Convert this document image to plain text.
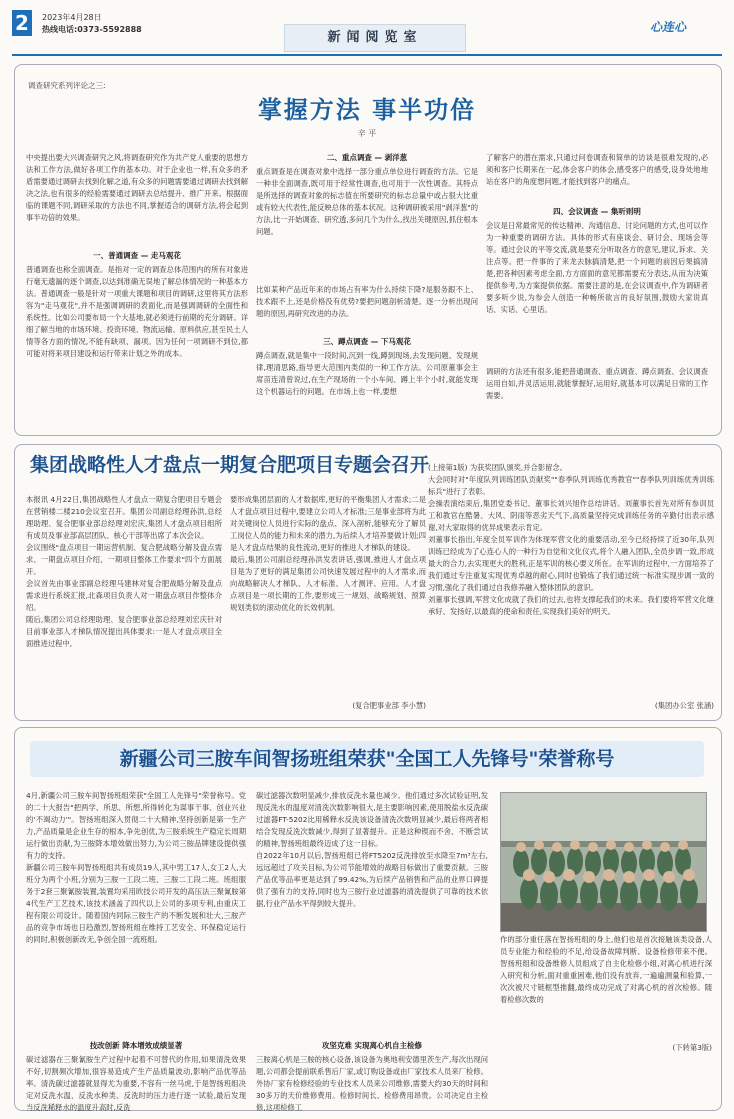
2	2023年4月28日
热线电话:0373-5592888
新闻阅览室
心连心
调查研究系列评论之三:
掌握方法 事半功倍
辛 平
中央提出要大兴调查研究之风,将调查研究作为共产党人重要的思想方法和工作方法,做好各项工作的基本功。对于企业也一样,有众多的矛盾需要通过调研去找到化解之道,有众多的问题需要通过调研去找到解决之法,也有很多的经验需要通过调研去总结提升、推广开来。根据面临的课题不同,调研采取的方法也不同,掌握适合的调研方法,将会起到事半功倍的效果。
一、普通调查 — 走马观花
普通调查也称全面调查。是指对一定的调查总体范围内的所有对象进行毫无遗漏的逐个调查,以达到准确无误地了解总体情况的一种基本方法。普通调查一般是针对一项重大课题和项目的调研,这里将其方法形容为"走马观花",并不是强调调研的表面化,而是强调调研的全面性和系统性。比如公司要布局一个大基地,就必须进行前期的充分调研。详细了解当地的市场环境、投资环境、物流运输、原料供应,甚至民土人情等各方面的情况,不能有缺项、漏项。因为任何一项调研不到位,都可能对将来项目建设和运行带来计划之外的成本。
二、重点调查 — 剥洋葱
重点调查是在调查对象中选择一部分重点单位进行调查的方法。它是一种非全面调查,既可用于经常性调查,也可用于一次性调查。其特点是所选择的调查对象的标志值在所要研究的标志总量中或占很大比重或有较大代表性,能反映总体的基本状况。这种调研被采用"剥洋葱"的方法,比一开始调查、研究透,多问几个为什么,找出关键原因,抓住根本问题。
比如某种产品近年来的市场占有率为什么持续下降?是服务跟不上、技术跟不上,还是价格没有优势?要把问题剖析清楚。逐一分析出现问题的原因,再研究改进的办法。
三、蹲点调查 — 下马观花
蹲点调查,就是集中一段时间,沉到一线,蹲到现场,去发现问题、发现规律,理清思路,指导更大范围内类似的一种工作方法。公司原董事会主席苗连清曾说过,在生产现场的一个小车间、蹲上半个小时,就能发现这个机器运行的问题。在市场上也一样,要想
了解客户的潜在需求,只通过问卷调查和简单的访谈是很难发现的,必须和客户长期来在一起,体会客户的体会,感受客户的感受,设身处地地站在客户的角度想问题,才能找到客户的痛点。
四、会议调查 — 集听则明
会议是日常最常见的传达精神、沟通信息、讨论问题的方式,也可以作为一种重要的调研方法。具体的形式有座谈会、研讨会、现场会等等。通过会议的平等交流,就是要充分听取各方的意见,建议,诉求、关注点等。把一件事的了来龙去脉搞清楚,把一个问题的前因后果搞清楚,把各种因素考虑全面,方方面面的意见都需要充分表达,从而为决策提供参考,为方案提供依据。需要注意的是,在会议调查中,作为调研者要多听少说,为参会人创造一种畅所欲言的良好氛围,鼓励大家说真话、实话、心里话。
调研的方法还有很多,能把普通调查、重点调查、蹲点调查、会议调查运用自如,并灵活运用,就能掌握好,运用好,就基本可以满足日常的工作需要。
集团战略性人才盘点一期复合肥项目专题会召开
本报讯 4月22日,集团战略性人才盘点一期复合肥项目专题会在营销楼二楼210会议室召开。集团公司副总经理孙洪,总经理助理、复合肥事业部总经理刘宏庆,集团人才盘点项目组所有成员及事业部高层团队、核心干部等出席了本次会议。
会议围绕"盘点项目一期运营机制、复合肥战略分解及盘点需求、一期盘点项目介绍、一期项目整体工作要求"四个方面展开。
会议首先由事业部副总经理马建林对复合肥战略分解及盘点需求进行系统汇报,北森项目负责人对一期盘点项目作整体介绍。
随后,集团公司总经理助理、复合肥事业部总经理刘宏庆针对目前事业部人才梯队情况提出具体要求:一是人才盘点项目全面推进过程中,
要形成集团层面的人才数据库,更好的平衡集团人才需求;二是人才盘点项目过程中,要建立公司人才标准;三是事业部将为此对关键岗位人员进行实际的盘点、深入剖析,能够充分了解员工岗位人员的能力和未来的潜力,为后续人才培养要做计划;四是人才盘点结果的良性流动,更好的推进人才梯队的建设。
最后,集团公司副总经理孙洪发表讲话,强调,推进人才盘点项目是为了更好的满足集团公司快速发展过程中的人才需求,而向战略解决人才梯队、人才标准、人才测评、应用。人才盘点项目是一项长期的工作,要形成三一规划、战略规划、预算规划类似的滚动优化的长效机制。
(复合肥事业部 李小慧)
(上接第1版) 为获奖团队颁奖,并合影留念。
大会同时对"年度队列训练团队贡献奖""春季队列训练优秀教官""春季队列训练优秀训练标兵"进行了表彰。
会操表演结束后,集团党委书记、董事长刘兴旭作总结讲话。刘董事长首先对所有参训员工和教官在酷暑、大风、阴雨等恶劣天气下,高质量坚持完成训练任务的辛勤付出表示感谢,对大家取得的优异成果表示肯定。
刘董事长指出,年度全员军训作为体现军营文化的重要活动,至今已经持续了近30年,队列训练已经成为了心连心人的一种行为自觉和文化仪式,将个人融入团队,全员步调一致,形成最大的合力,去实现更大的胜利,正是军训的核心要义所在。在军训的过程中,一方面培养了我们通过专注重复实现优秀卓越的耐心,同时也锻炼了我们通过统一标准实现步调一致的习惯,强化了我们通过自我修养融入整体团队的意识。
刘董事长强调,军营文化成就了我们的过去,也将支撑起我们的未来。我们要将军营文化继承好、发扬好,以最真的使命和责任,实现我们美好的明天。
(集团办公室 张涵)
新疆公司三胺车间智扬班组荣获"全国工人先锋号"荣誉称号
4月,新疆公司三胺车间智扬班组荣获"全国工人先锋号"荣誉称号。党的二十大报告"把两学、所思、所想,所得转化为谋事干事、创业兴业的'不竭动力'"。智扬班组深入贯彻二十大精神,坚持创新是第一生产力,产品质量是企业生存的根本,争先创优,为三胺系统生产稳定长周期运行做出贡献,为三胺降本增效做出努力,为公司三胺品牌建设提供强有力的支持。
新疆公司三胺车间智扬班组共有成员19人,其中男工17人,女工2人,大班分为两个小班,分别为三胺一工段二班、三胺二工段二班。班组服务于2套三聚氰胺装置,装置均采用欧技公司开发的高压法三聚氰胺第4代生产工艺技术,该技术涵盖了四代以上公司的多项专利,由重庆工程有限公司设计。随着国内同际三胺生产的不断发展和壮大,三胺产品的竞争市场也日趋激烈,智扬班组在维持工艺安全、环保稳定运行的同时,积极创新改无,争创全国一流班组。
技改创新 降本增效成绩显著
碳过滤器在三聚氰胺生产过程中起着不可替代的作用,如果清洗效果不好,切割频次增加,很容易造成产生产品质量波动,影响产品优等品率。清洗碳过滤器就显得尤为重要,不容有一丝马虎,于是智扬班组决定对反洗水温、反洗水种类、反洗时的压力进行逐一试验,最后发现当反洗稀释水的温度升高时,反洗
碳过滤器次数明显减少,排放反洗水量也减少。他们通过多次试验证明,发现反洗水的温度对清洗次数影响很大,是主要影响因素,使用脱盐水反洗碳过滤器FT-5202比用稀释水反洗该设备清洗次数明显减少,最后将两者相结合发现反洗次数减少,得到了显著提升。正是这种锲而不舍、不断尝试的精神,智扬班组最终迈成了这一目标。
自2022年10月以后,智扬班组已将FT5202反洗排放至水降至7m³左右,远远超过了攻关目标,为公司节能增效的战略目标做出了重要贡献。三胺产品优等品率更是达到了99.42%,为后续产品销售和产品的业界口碑提供了强有力的支持,同时也为三胺行业过滤器的清洗提供了可靠的技术依据,行业产品水平得到较大提升。
攻坚克难 实现离心机自主检修
三胺离心机是三胺的核心设备,该设备为奥地利安德里茨生产,每次出现问题,公司都会提前联系售后厂家,或订购设备或由厂家技术人员来厂检修。外协厂家有检修经验的专业技术人员来公司维修,需要大约30天的时间和30多万的天价维修费用。检修时间长、检修费用昂贵。公司决定自主检修,这项检修工
作的部分重任落在智扬班组的身上,他们也是首次接触该类设备,人员专业能力和经验的不足,给设备故障判断、设备检修带来不便。智扬班组和设备维修人员组成了自主化检修小组,对离心机进行深入研究和分析,面对重重困难,他们没有放弃,一遍遍测量和验算,一次次被尺寸链框型推翻,最终成功完成了对离心机的首次检修。随着检修次数的
(下转第3版)
